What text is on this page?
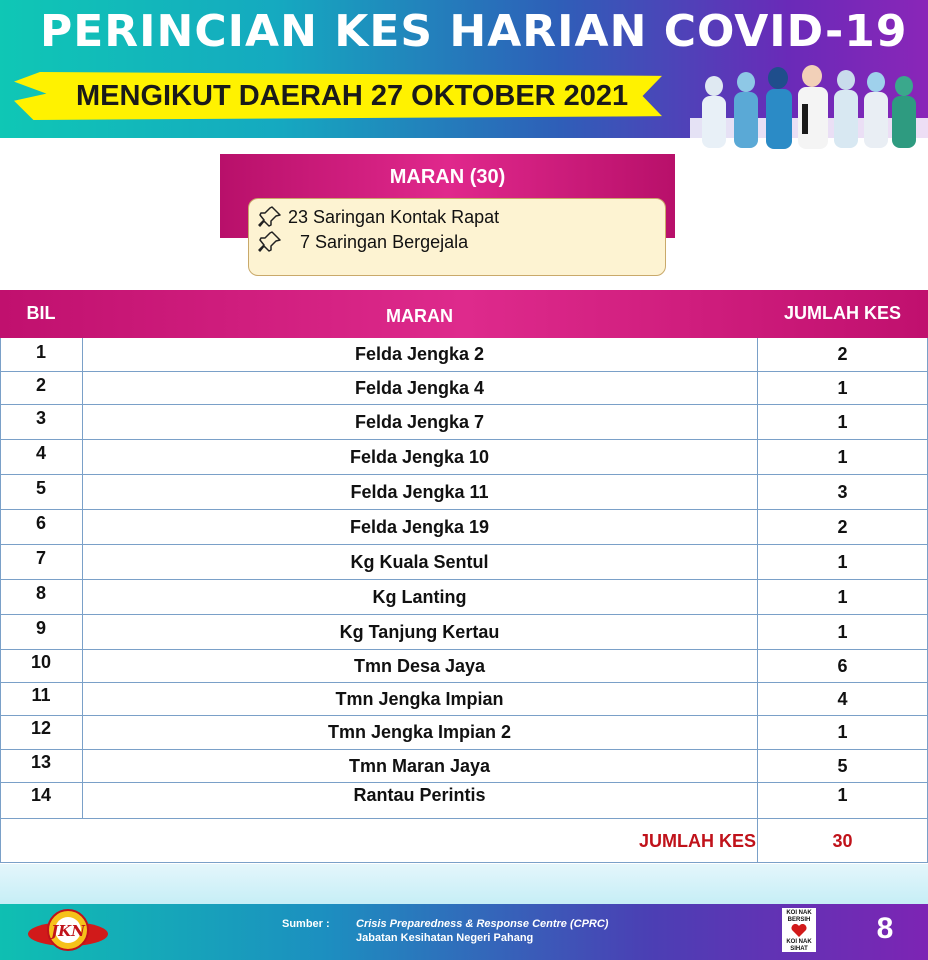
PERINCIAN KES HARIAN COVID-19
MENGIKUT DAERAH 27 OKTOBER 2021
MARAN (30)
23 Saringan Kontak Rapat
7 Saringan Bergejala
BIL	MARAN	JUMLAH KES
1	Felda Jengka 2	2
2	Felda Jengka 4	1
3	Felda Jengka 7	1
4	Felda Jengka 10	1
5	Felda Jengka 11	3
6	Felda Jengka 19	2
7	Kg Kuala Sentul	1
8	Kg Lanting	1
9	Kg Tanjung Kertau	1
10	Tmn Desa Jaya	6
11	Tmn Jengka Impian	4
12	Tmn Jengka Impian 2	1
13	Tmn Maran Jaya	5
14	Rantau Perintis	1
JUMLAH KES	30
JKN	Sumber : Crisis Preparedness & Response Centre (CPRC)
Jabatan Kesihatan Negeri Pahang
KOI NAK BERSIH
KOI NAK SIHAT
8
